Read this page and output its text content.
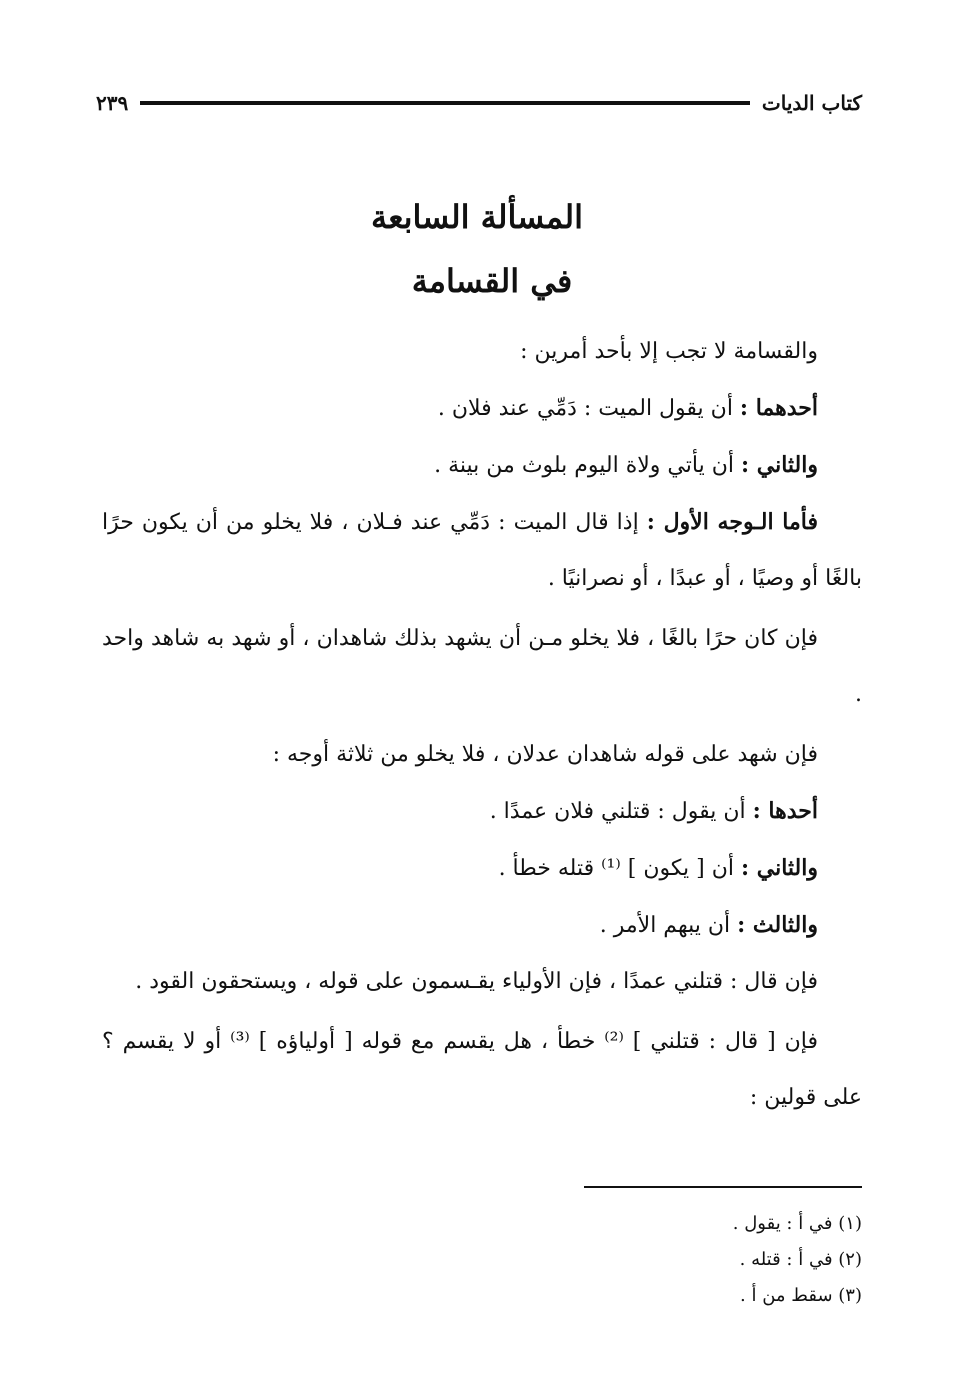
كتاب الديات
٢٣٩
المسألة السابعة
في القسامة

والقسامة لا تجب إلا بأحد أمرين :

أحدهما : أن يقول الميت : دَمِّي عند فلان .

والثاني : أن يأتي ولاة اليوم بلوث من بينة .

فأما الـوجه الأول : إذا قال الميت : دَمِّي عند فـلان ، فلا يخلو من أن يكون حرًا بالغًا أو وصيًا ، أو عبدًا ، أو نصرانيًا .

فإن كان حرًا بالغًا ، فلا يخلو مـن أن يشهد بذلك شاهدان ، أو شهد به شاهد واحد .

فإن شهد على قوله شاهدان عدلان ، فلا يخلو من ثلاثة أوجه :

أحدها : أن يقول : قتلني فلان عمدًا .

والثاني : أن [ يكون ] ⁽¹⁾ قتله خطأ .

والثالث : أن يبهم الأمر .

فإن قال : قتلني عمدًا ، فإن الأولياء يقـسمون على قوله ، ويستحقون القود .

فإن [ قال : قتلني ] ⁽²⁾ خطأ ، هل يقسم مع قوله [ أولياؤه ] ⁽³⁾ أو لا يقسم ؟ على قولين :

(١) في أ : يقول .

(٢) في أ : قتله .

(٣) سقط من أ .
